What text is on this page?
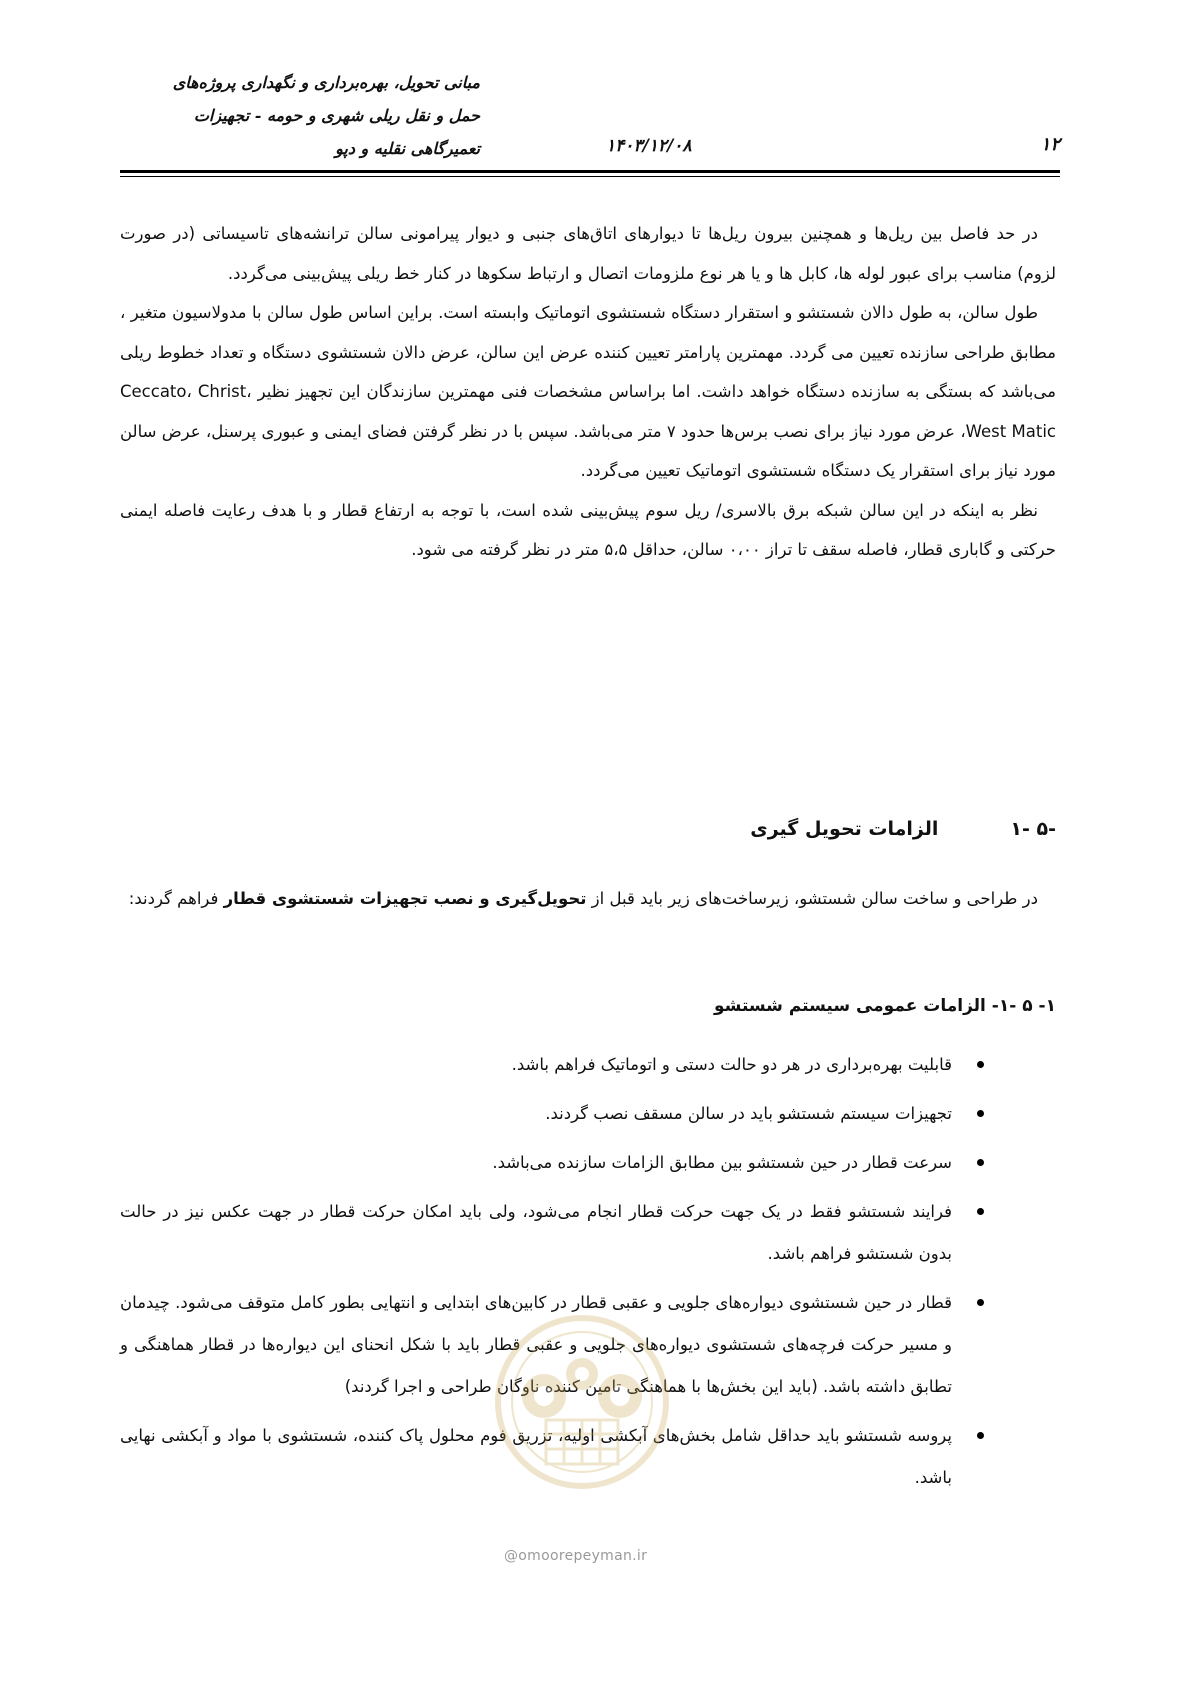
مبانی تحویل، بهره‌برداری و نگهداری پروژه‌های
حمل و نقل ریلی شهری و حومه - تجهیزات
تعمیرگاهی نقلیه و دپو	۱۴۰۳/۱۲/۰۸	۱۲

در حد فاصل بین ریل‌ها و همچنین بیرون ریل‌ها تا دیوارهای اتاق‌های جنبی و دیوار پیرامونی سالن ترانشه‌های تاسیساتی (در صورت لزوم) مناسب برای عبور لوله ها، کابل ها و یا هر نوع ملزومات اتصال و ارتباط سکوها در کنار خط ریلی پیش‌بینی می‌گردد.

طول سالن، به طول دالان شستشو و استقرار دستگاه شستشوی اتوماتیک وابسته است. براین اساس طول سالن با مدولاسیون متغیر ، مطابق طراحی سازنده تعیین می گردد. مهمترین پارامتر تعیین کننده عرض این سالن، عرض دالان شستشوی دستگاه و تعداد خطوط ریلی می‌باشد که بستگی به سازنده دستگاه خواهد داشت. اما براساس مشخصات فنی مهمترین سازندگان این تجهیز نظیر Ceccato، Christ، West Matic، عرض مورد نیاز برای نصب برس‌ها حدود ۷ متر می‌باشد. سپس با در نظر گرفتن فضای ایمنی و عبوری پرسنل، عرض سالن مورد نیاز برای استقرار یک دستگاه شستشوی اتوماتیک تعیین می‌گردد.

نظر به اینکه در این سالن شبکه برق بالاسری/ ریل سوم پیش‌بینی شده است، با توجه به ارتفاع قطار و با هدف رعایت فاصله ایمنی حرکتی و گاباری قطار، فاصله سقف تا تراز ۰،۰۰ سالن، حداقل ۵،۵ متر در نظر گرفته می شود.

-۵ -۱الزامات تحویل گیری
در طراحی و ساخت سالن شستشو، زیرساخت‌های زیر باید قبل از تحویل‌گیری و نصب تجهیزات شستشوی قطار فراهم گردند:
۱- ۵ -۱- الزامات عمومی سیستم شستشو
قابلیت بهره‌برداری در هر دو حالت دستی و اتوماتیک فراهم باشد.
تجهیزات سیستم شستشو باید در سالن مسقف نصب گردند.
سرعت قطار در حین شستشو بین مطابق الزامات سازنده می‌باشد.
فرایند شستشو فقط در یک جهت حرکت قطار انجام می‌شود، ولی باید امکان حرکت قطار در جهت عکس نیز در حالت بدون شستشو فراهم باشد.
قطار در حین شستشوی دیواره‌های جلویی و عقبی قطار در کابین‌های ابتدایی و انتهایی بطور کامل متوقف می‌شود. چیدمان و مسیر حرکت فرچه‌های شستشوی دیواره‌های جلویی و عقبی قطار باید با شکل انحنای این دیواره‌ها در قطار هماهنگی و تطابق داشته باشد. (باید این بخش‌ها با هماهنگی تامین کننده ناوگان طراحی و اجرا گردند)
پروسه شستشو باید حداقل شامل بخش‌های آبکشی اولیه، تزریق فوم محلول پاک کننده، شستشوی با مواد و آبکشی نهایی باشد.
@omoorepeyman.ir
